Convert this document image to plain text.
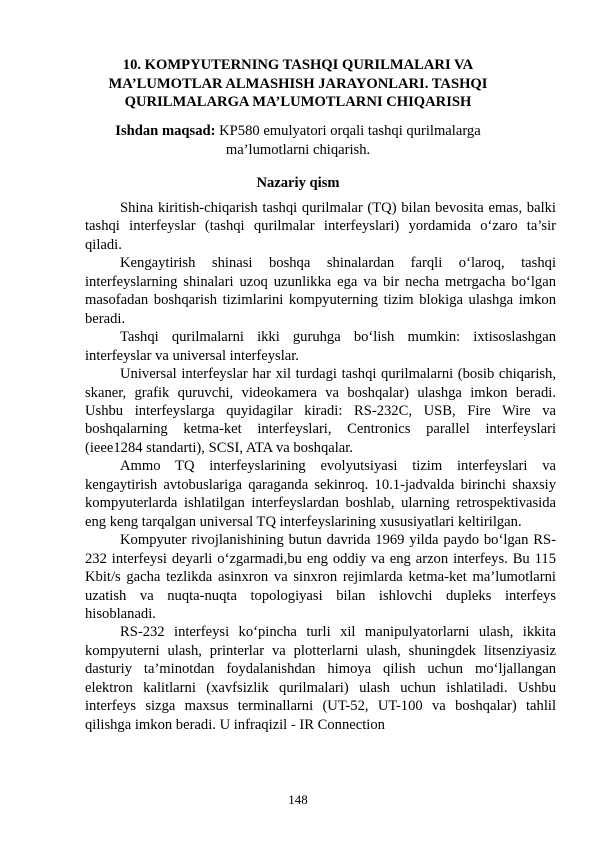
10. KOMPYUTERNING TASHQI QURILMALARI VA MA’LUMOTLAR ALMASHISH JARAYONLARI. TASHQI QURILMALARGA MA’LUMOTLARNI CHIQARISH

Ishdan maqsad: KP580 emulyatori orqali tashqi qurilmalarga ma’lumotlarni chiqarish.

Nazariy qism

Shina kiritish-chiqarish tashqi qurilmalar (TQ) bilan bevosita emas, balki tashqi interfeyslar (tashqi qurilmalar interfeyslari) yordamida o‘zaro ta’sir qiladi.

Kengaytirish shinasi boshqa shinalardan farqli o‘laroq, tashqi interfeyslarning shinalari uzoq uzunlikka ega va bir necha metrgacha bo‘lgan masofadan boshqarish tizimlarini kompyuterning tizim blokiga ulashga imkon beradi.

Tashqi qurilmalarni ikki guruhga bo‘lish mumkin: ixtisoslashgan interfeyslar va universal interfeyslar.

Universal interfeyslar har xil turdagi tashqi qurilmalarni (bosib chiqarish, skaner, grafik quruvchi, videokamera va boshqalar) ulashga imkon beradi. Ushbu interfeyslarga quyidagilar kiradi: RS-232C, USB, Fire Wire va boshqalarning ketma-ket interfeyslari, Centronics parallel interfeyslari (ieee1284 standarti), SCSI, ATA va boshqalar.

Ammo TQ interfeyslarining evolyutsiyasi tizim interfeyslari va kengaytirish avtobuslariga qaraganda sekinroq. 10.1-jadvalda birinchi shaxsiy kompyuterlarda ishlatilgan interfeyslardan boshlab, ularning retrospektivasida eng keng tarqalgan universal TQ interfeyslarining xususiyatlari keltirilgan.

Kompyuter rivojlanishining butun davrida 1969 yilda paydo bo‘lgan RS-232 interfeysi deyarli o‘zgarmadi,bu eng oddiy va eng arzon interfeys. Bu 115 Kbit/s gacha tezlikda asinxron va sinxron rejimlarda ketma-ket ma’lumotlarni uzatish va nuqta-nuqta topologiyasi bilan ishlovchi dupleks interfeys hisoblanadi.

RS-232 interfeysi ko‘pincha turli xil manipulyatorlarni ulash, ikkita kompyuterni ulash, printerlar va plotterlarni ulash, shuningdek litsenziyasiz dasturiy ta’minotdan foydalanishdan himoya qilish uchun mo‘ljallangan elektron kalitlarni (xavfsizlik qurilmalari) ulash uchun ishlatiladi. Ushbu interfeys sizga maxsus terminallarni (UT-52, UT-100 va boshqalar) tahlil qilishga imkon beradi. U infraqizil - IR Connection

148
